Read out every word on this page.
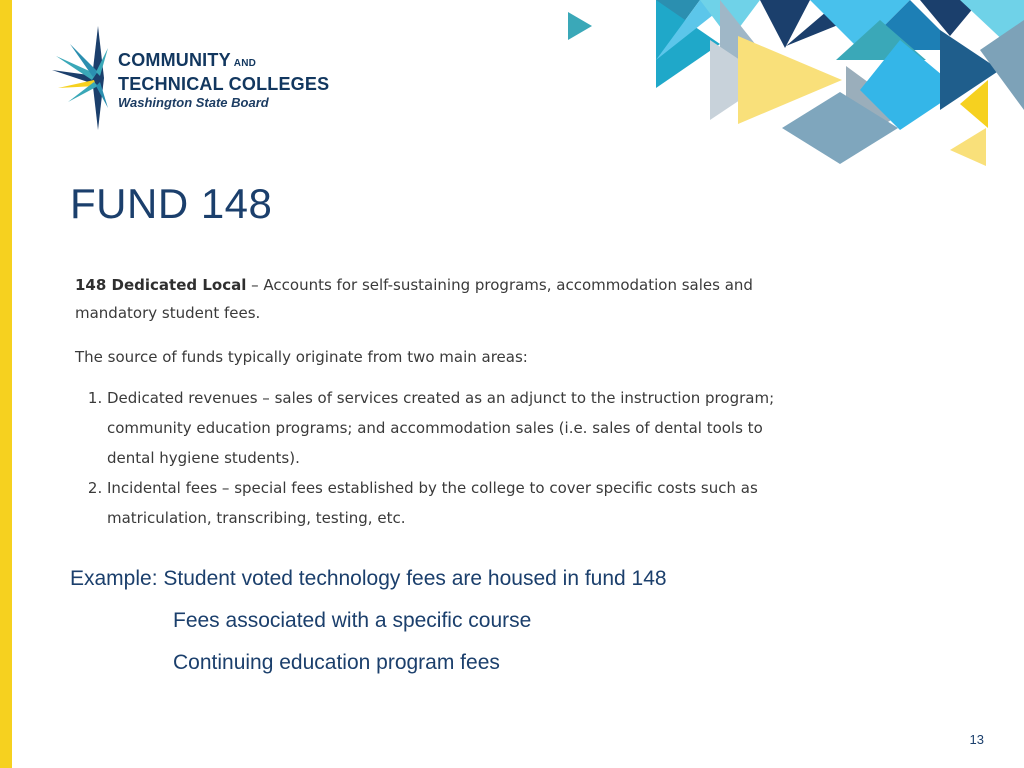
COMMUNITY AND
TECHNICAL COLLEGES
Washington State Board
FUND 148

148 Dedicated Local – Accounts for self-sustaining programs, accommodation sales and mandatory student fees.

The source of funds typically originate from two main areas:

1. Dedicated revenues – sales of services created as an adjunct to the instruction program; community education programs; and accommodation sales (i.e. sales of dental tools to dental hygiene students).
2. Incidental fees – special fees established by the college to cover specific costs such as matriculation, transcribing, testing, etc.
Example: Student voted technology fees are housed in fund 148
Fees associated with a specific course
Continuing education program fees
13
